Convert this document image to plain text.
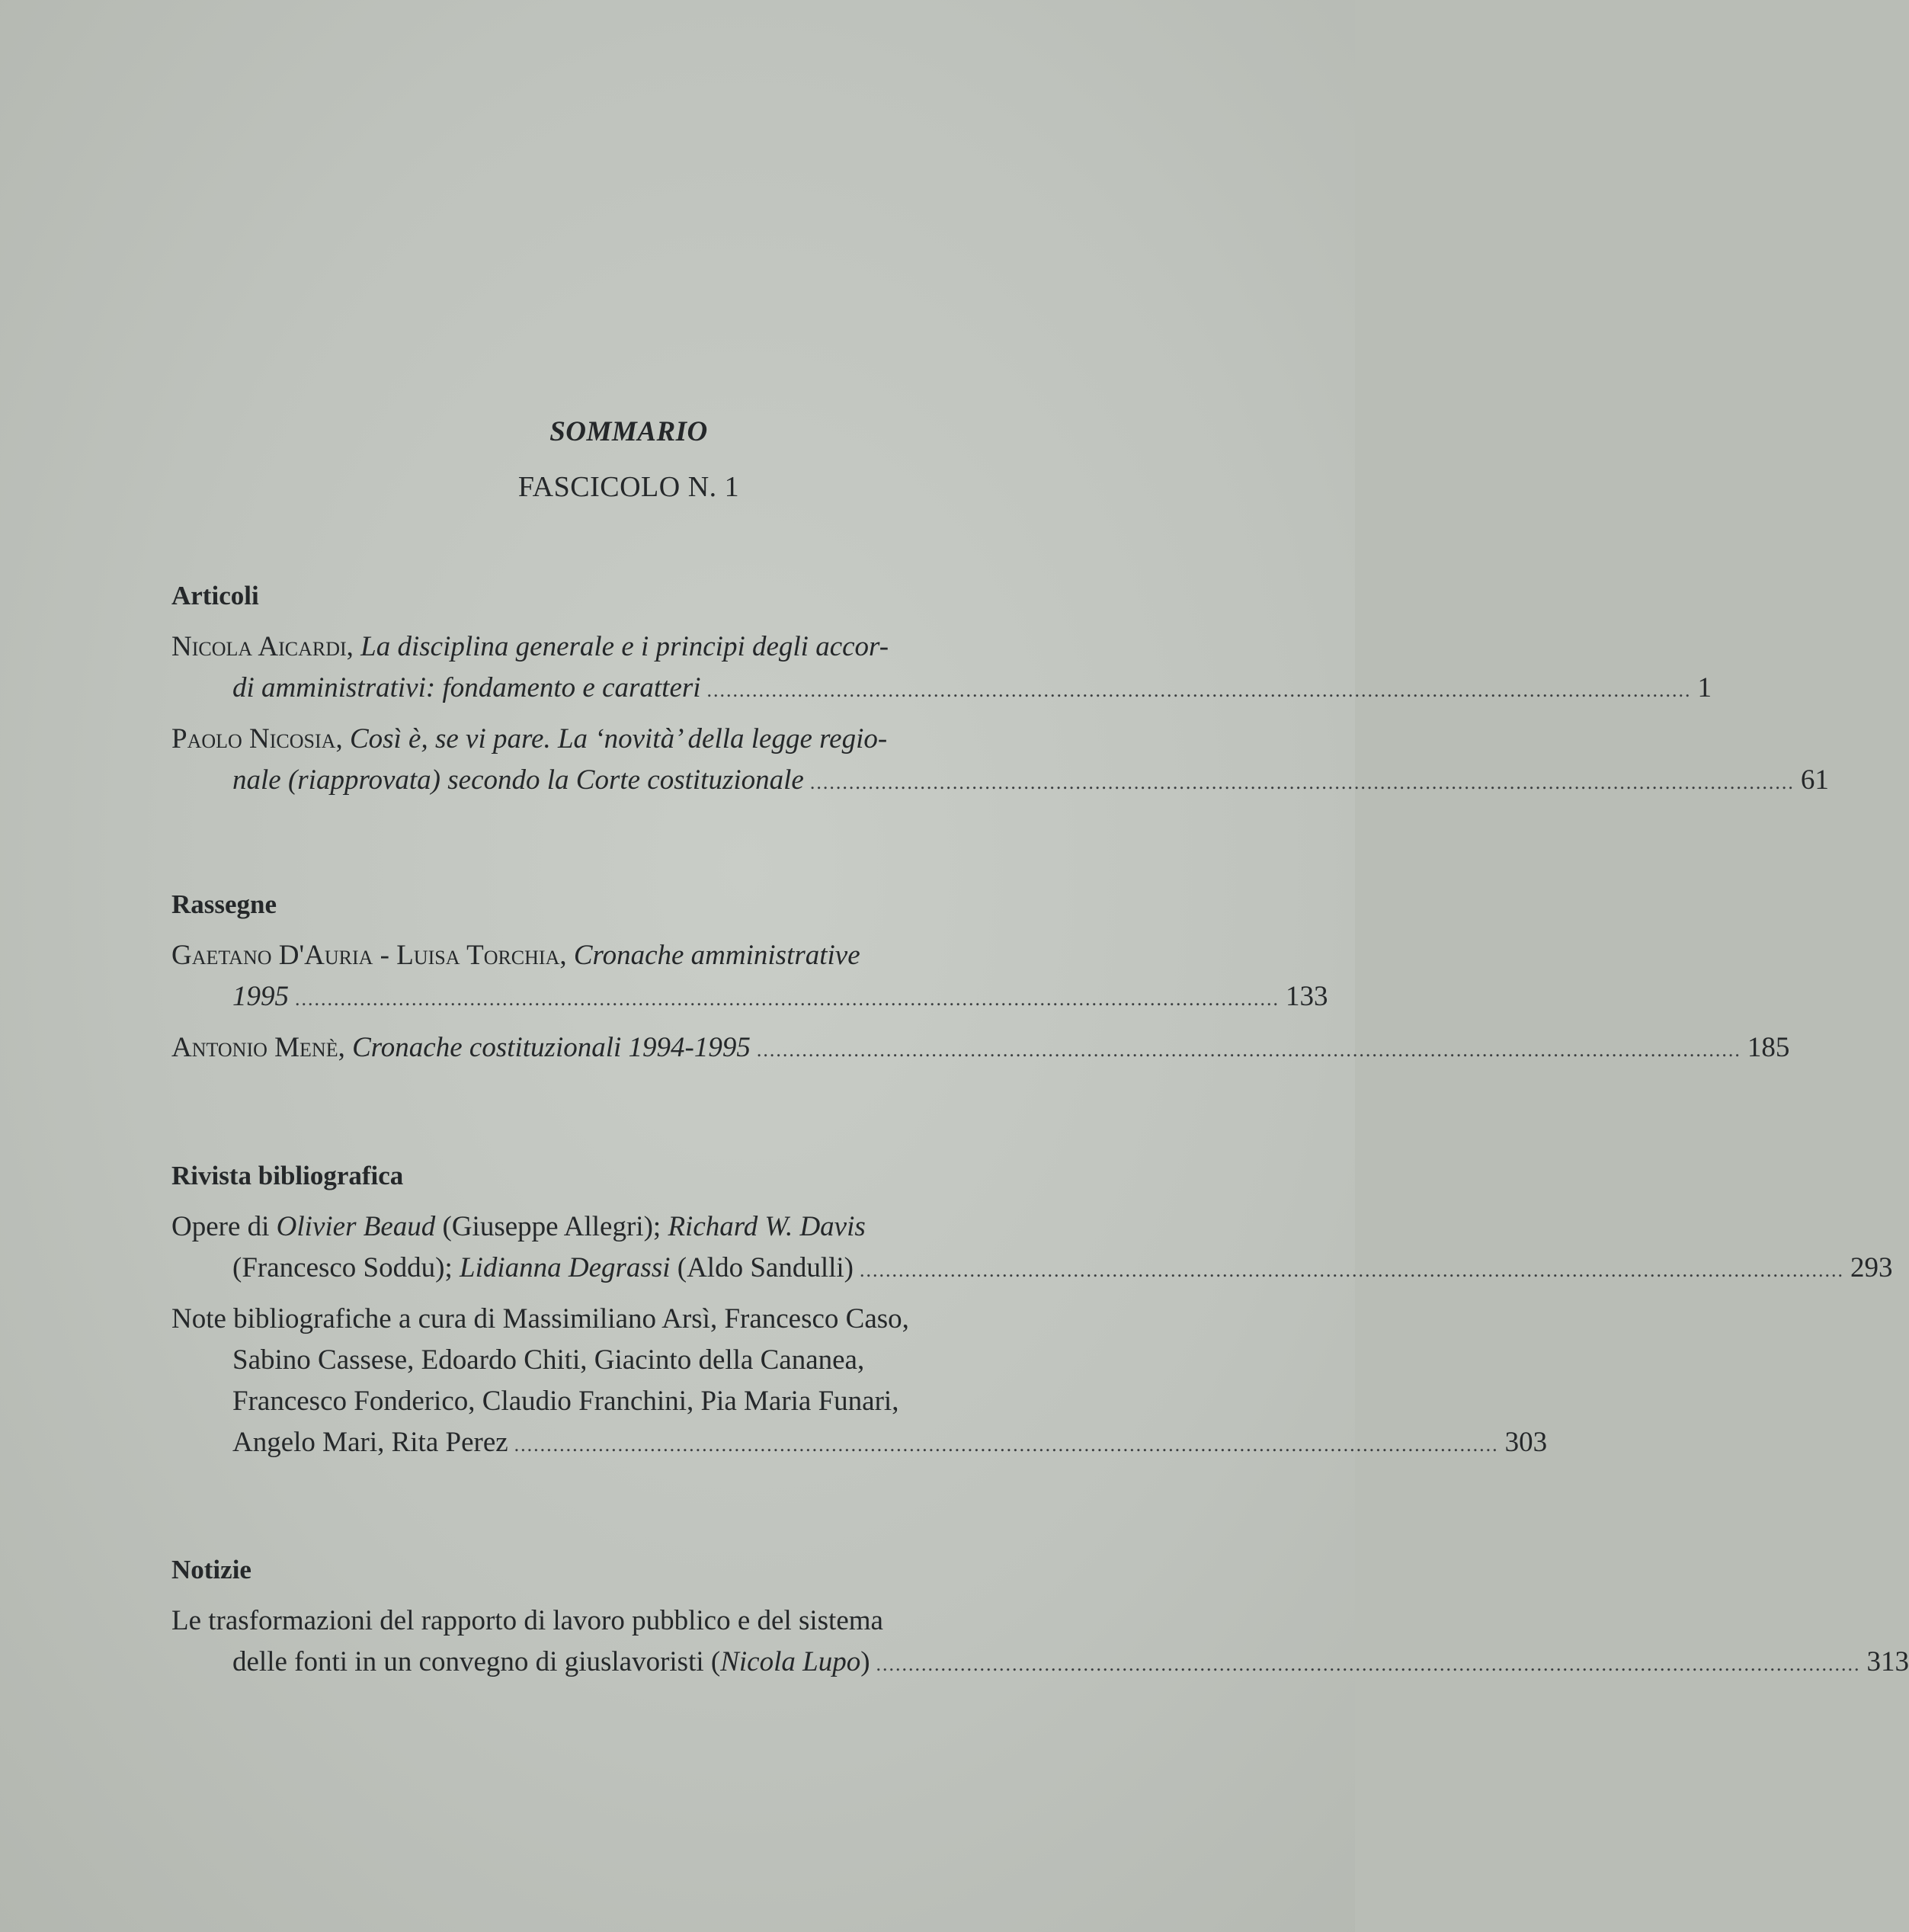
SOMMARIO
FASCICOLO N. 1
Articoli
Nicola Aicardi, La disciplina generale e i principi degli accor-
di amministrativi: fondamento e caratteri ........................................................................................................................................................ 1
Paolo Nicosia, Così è, se vi pare. La ‘novità’ della legge regio-
nale (riapprovata) secondo la Corte costituzionale ........................................................................................................................................................ 61
Rassegne
Gaetano D'Auria - Luisa Torchia, Cronache amministrative
1995 ........................................................................................................................................................ 133
Antonio Menè, Cronache costituzionali 1994-1995 ........................................................................................................................................................ 185
Rivista bibliografica
Opere di Olivier Beaud (Giuseppe Allegri); Richard W. Davis
(Francesco Soddu); Lidianna Degrassi (Aldo Sandulli) ........................................................................................................................................................ 293
Note bibliografiche a cura di Massimiliano Arsì, Francesco Caso,
Sabino Cassese, Edoardo Chiti, Giacinto della Cananea,
Francesco Fonderico, Claudio Franchini, Pia Maria Funari,
Angelo Mari, Rita Perez ........................................................................................................................................................ 303
Notizie
Le trasformazioni del rapporto di lavoro pubblico e del sistema
delle fonti in un convegno di giuslavoristi (Nicola Lupo) ........................................................................................................................................................ 313
